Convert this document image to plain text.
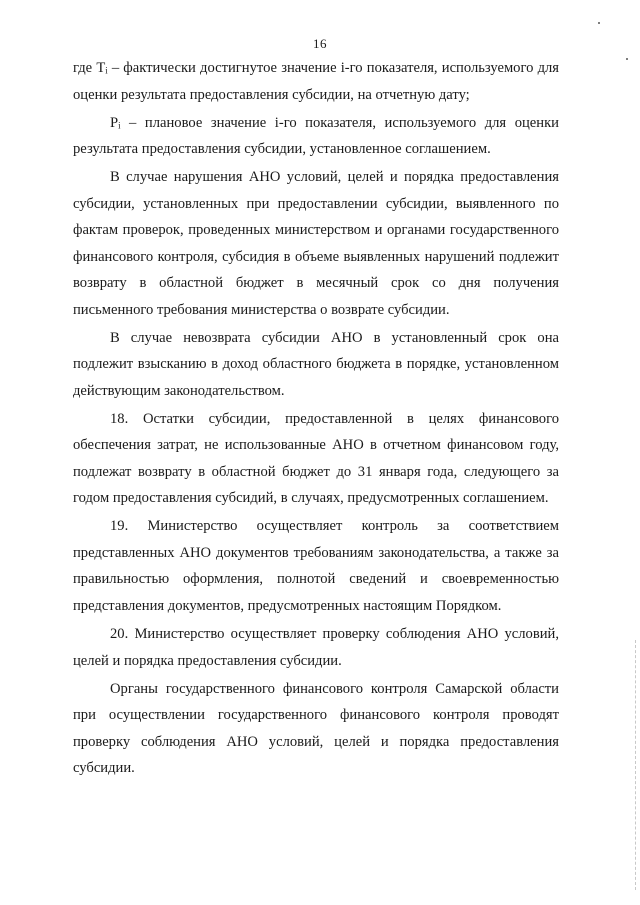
16

где Tᵢ – фактически достигнутое значение i-го показателя, используемого для оценки результата предоставления субсидии, на отчетную дату;

Pᵢ – плановое значение i-го показателя, используемого для оценки результата предоставления субсидии, установленное соглашением.

В случае нарушения АНО условий, целей и порядка предоставления субсидии, установленных при предоставлении субсидии, выявленного по фактам проверок, проведенных министерством и органами государственного финансового контроля, субсидия в объеме выявленных нарушений подлежит возврату в областной бюджет в месячный срок со дня получения письменного требования министерства о возврате субсидии.

В случае невозврата субсидии АНО в установленный срок она подлежит взысканию в доход областного бюджета в порядке, установленном действующим законодательством.

18. Остатки субсидии, предоставленной в целях финансового обеспечения затрат, не использованные АНО в отчетном финансовом году, подлежат возврату в областной бюджет до 31 января года, следующего за годом предоставления субсидий, в случаях, предусмотренных соглашением.

19. Министерство осуществляет контроль за соответствием представленных АНО документов требованиям законодательства, а также за правильностью оформления, полнотой сведений и своевременностью представления документов, предусмотренных настоящим Порядком.

20. Министерство осуществляет проверку соблюдения АНО условий, целей и порядка предоставления субсидии.

Органы государственного финансового контроля Самарской области при осуществлении государственного финансового контроля проводят проверку соблюдения АНО условий, целей и порядка предоставления субсидии.
